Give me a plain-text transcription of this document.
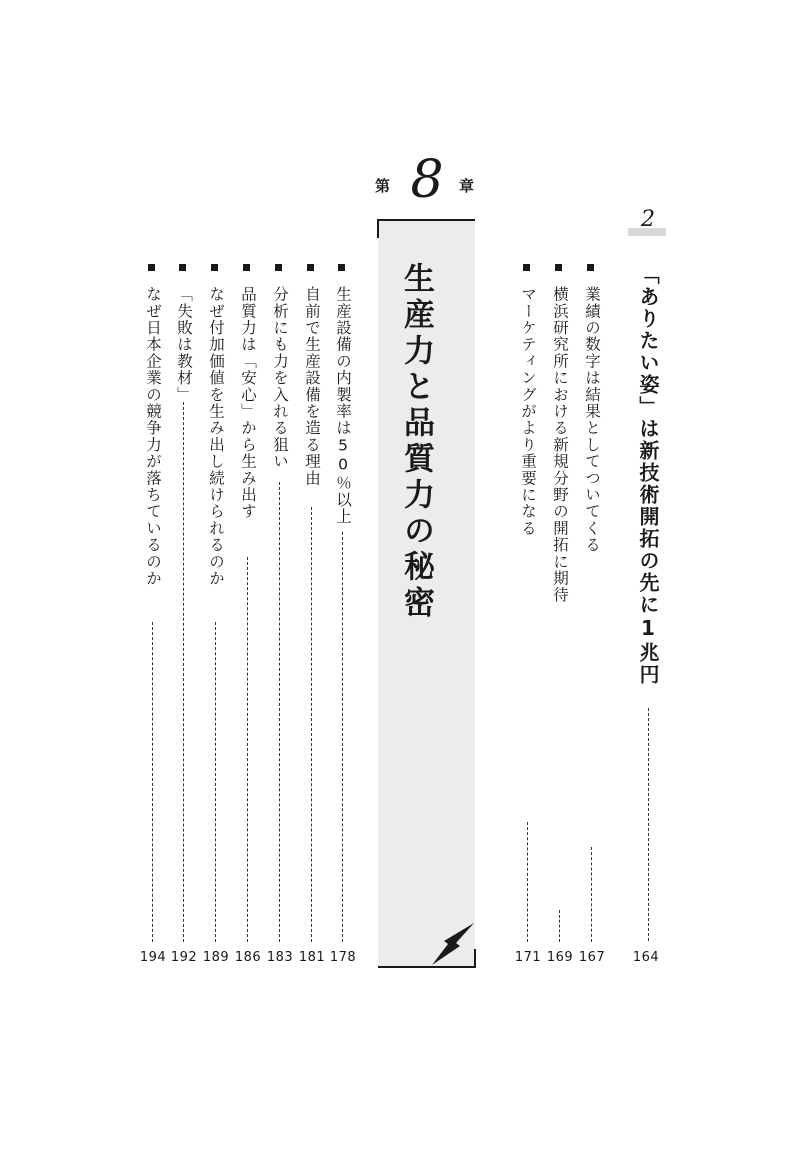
2
「ありたい姿」は新技術開拓の先に1兆円
164
業績の数字は結果としてついてくる
167
横浜研究所における新規分野の開拓に期待
169
マーケティングがより重要になる
171
第 8	章
生産力と品質力の秘密
生産設備の内製率は50％以上
178
自前で生産設備を造る理由
181
分析にも力を入れる狙い
183
品質力は「安心」から生み出す
186
なぜ付加価値を生み出し続けられるのか
189
「失敗は教材」
192
なぜ日本企業の競争力が落ちているのか
194
